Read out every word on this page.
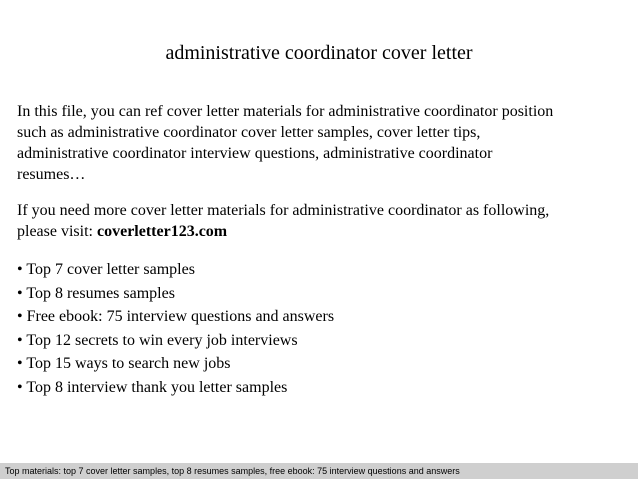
administrative coordinator cover letter

In this file, you can ref cover letter materials for administrative coordinator position
such as administrative coordinator cover letter samples, cover letter tips,
administrative coordinator interview questions, administrative coordinator
resumes…

If you need more cover letter materials for administrative coordinator as following,
please visit: coverletter123.com

• Top 7 cover letter samples
• Top 8 resumes samples
• Free ebook: 75 interview questions and answers
• Top 12 secrets to win every job interviews
• Top 15 ways to search new jobs
• Top 8 interview thank you letter samples
Top materials: top 7 cover letter samples, top 8 resumes samples, free ebook: 75 interview questions and answers
